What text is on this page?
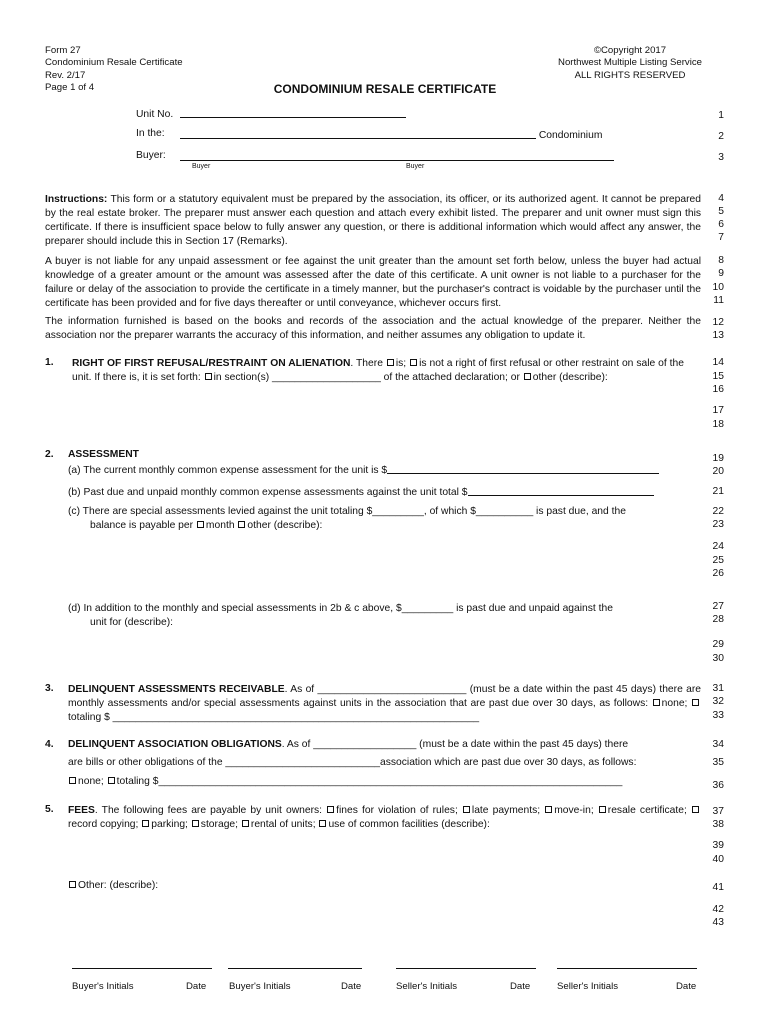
Form 27
Condominium Resale Certificate
Rev. 2/17
Page 1 of 4
©Copyright 2017
Northwest Multiple Listing Service
ALL RIGHTS RESERVED
CONDOMINIUM RESALE CERTIFICATE
Unit No.
In the:	Condominium
Buyer:
Buyer	Buyer
Instructions: This form or a statutory equivalent must be prepared by the association, its officer, or its authorized agent. It cannot be prepared by the real estate broker. The preparer must answer each question and attach every exhibit listed. The preparer and unit owner must sign this certificate. If there is insufficient space below to fully answer any question, or there is additional information which would affect any answer, the preparer should include this in Section 17 (Remarks).
A buyer is not liable for any unpaid assessment or fee against the unit greater than the amount set forth below, unless the buyer had actual knowledge of a greater amount or the amount was assessed after the date of this certificate. A unit owner is not liable to a purchaser for the failure or delay of the association to provide the certificate in a timely manner, but the purchaser's contract is voidable by the purchaser until the certificate has been provided and for five days thereafter or until conveyance, whichever occurs first.
The information furnished is based on the books and records of the association and the actual knowledge of the preparer. Neither the association nor the preparer warrants the accuracy of this information, and neither assumes any obligation to update it.
1. RIGHT OF FIRST REFUSAL/RESTRAINT ON ALIENATION. There is; is not a right of first refusal or other restraint on sale of the unit. If there is, it is set forth: in section(s) ___________________ of the attached declaration; or other (describe):
2. ASSESSMENT
(a) The current monthly common expense assessment for the unit is $
(b) Past due and unpaid monthly common expense assessments against the unit total $
(c) There are special assessments levied against the unit totaling $_________, of which $__________ is past due, and the
balance is payable per month other (describe):
(d) In addition to the monthly and special assessments in 2b & c above, $_________ is past due and unpaid against the
unit for (describe):
3. DELINQUENT ASSESSMENTS RECEIVABLE. As of __________________________ (must be a date within the past 45 days) there are monthly assessments and/or special assessments against units in the association that are past due over 30 days, as follows: none; totaling $ ________________________________________________________________
4. DELINQUENT ASSOCIATION OBLIGATIONS. As of __________________ (must be a date within the past 45 days) there
are bills or other obligations of the ___________________________association which are past due over 30 days, as follows:
none; totaling $_________________________________________________________________________________
5. FEES. The following fees are payable by unit owners: fines for violation of rules; late payments; move-in; resale certificate; record copying; parking; storage; rental of units; use of common facilities (describe):
Other: (describe):
1
2
3
4
5
6
7
8
9
10
11
12
13
14
15
16
17
18
19
20
21
22
23
24
25
26
27
28
29
30
31
32
33
34
35
36
37
38
39
40
41
42
43
Buyer's Initials	Date Buyer's Initials	Date	Seller's Initials	Date	Seller's Initials	Date
